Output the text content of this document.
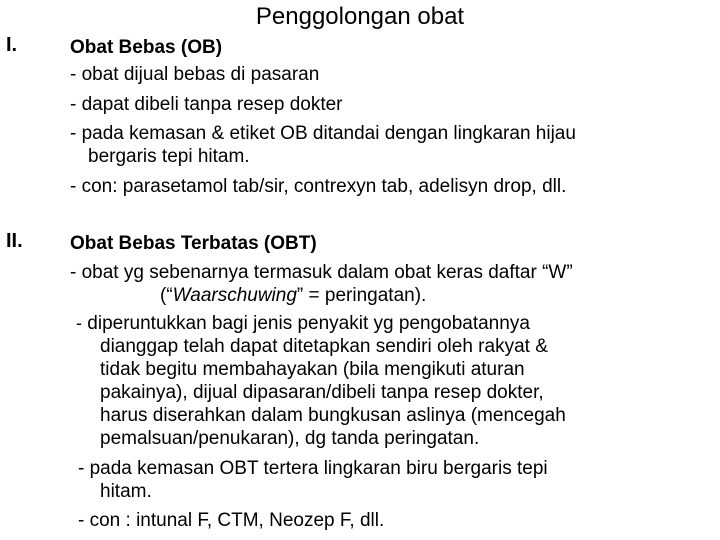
Penggolongan obat
I.	Obat Bebas (OB)
- obat dijual bebas di pasaran
- dapat dibeli tanpa resep dokter
- pada kemasan & etiket OB ditandai dengan lingkaran hijau
bergaris tepi hitam.
- con: parasetamol tab/sir, contrexyn tab, adelisyn drop, dll.
II. Obat Bebas Terbatas (OBT)
- obat yg sebenarnya termasuk dalam obat keras daftar “W”
(“Waarschuwing” = peringatan).
- diperuntukkan bagi jenis penyakit yg pengobatannya
dianggap telah dapat ditetapkan sendiri oleh rakyat &
tidak begitu membahayakan (bila mengikuti aturan
pakainya), dijual dipasaran/dibeli tanpa resep dokter,
harus diserahkan dalam bungkusan aslinya (mencegah
pemalsuan/penukaran), dg tanda peringatan.
- pada kemasan OBT tertera lingkaran biru bergaris tepi
hitam.
- con : intunal F, CTM, Neozep F, dll.
